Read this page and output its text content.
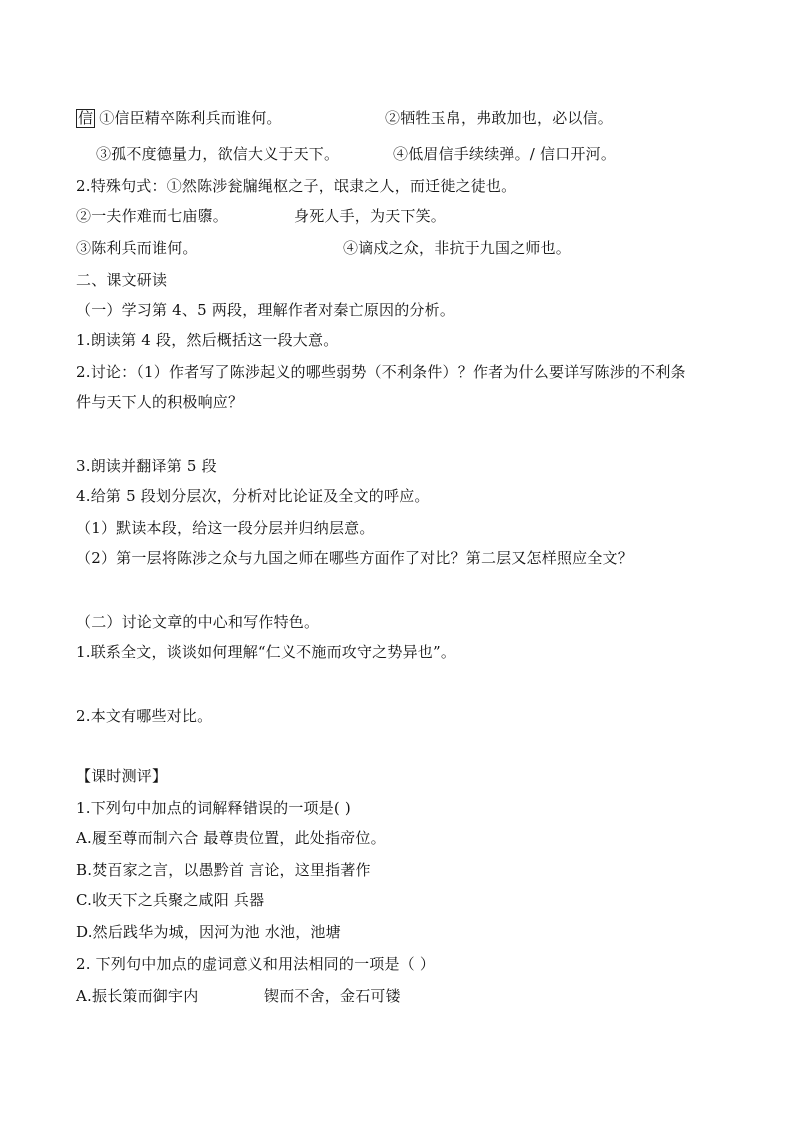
信 ①信臣精卒陈利兵而谁何。	②牺牲玉帛，弗敢加也，必以信。
③孤不度德量力，欲信大义于天下。	④低眉信手续续弹。/ 信口开河。
2.特殊句式：①然陈涉瓮牖绳枢之子，氓隶之人，而迁徙之徒也。
②一夫作难而七庙隳。	身死人手，为天下笑。
③陈利兵而谁何。	④谪戍之众，非抗于九国之师也。
二、课文研读
（一）学习第 4、5 两段，理解作者对秦亡原因的分析。
1.朗读第 4 段，然后概括这一段大意。
2.讨论：（1）作者写了陈涉起义的哪些弱势（不利条件）？作者为什么要详写陈涉的不利条
件与天下人的积极响应？
3.朗读并翻译第 5 段
4.给第 5 段划分层次，分析对比论证及全文的呼应。
（1）默读本段，给这一段分层并归纳层意。
（2）第一层将陈涉之众与九国之师在哪些方面作了对比？第二层又怎样照应全文？
（二）讨论文章的中心和写作特色。
1.联系全文，谈谈如何理解“仁义不施而攻守之势异也”。
2.本文有哪些对比。
【课时测评】
1.下列句中加点的词解释错误的一项是( )
A.履至尊而制六合 最尊贵位置，此处指帝位。
B.焚百家之言，以愚黔首 言论，这里指著作
C.收天下之兵聚之咸阳 兵器
D.然后践华为城，因河为池 水池，池塘
2. 下列句中加点的虚词意义和用法相同的一项是（ ）
A.振长策而御宇内	锲而不舍，金石可镂
